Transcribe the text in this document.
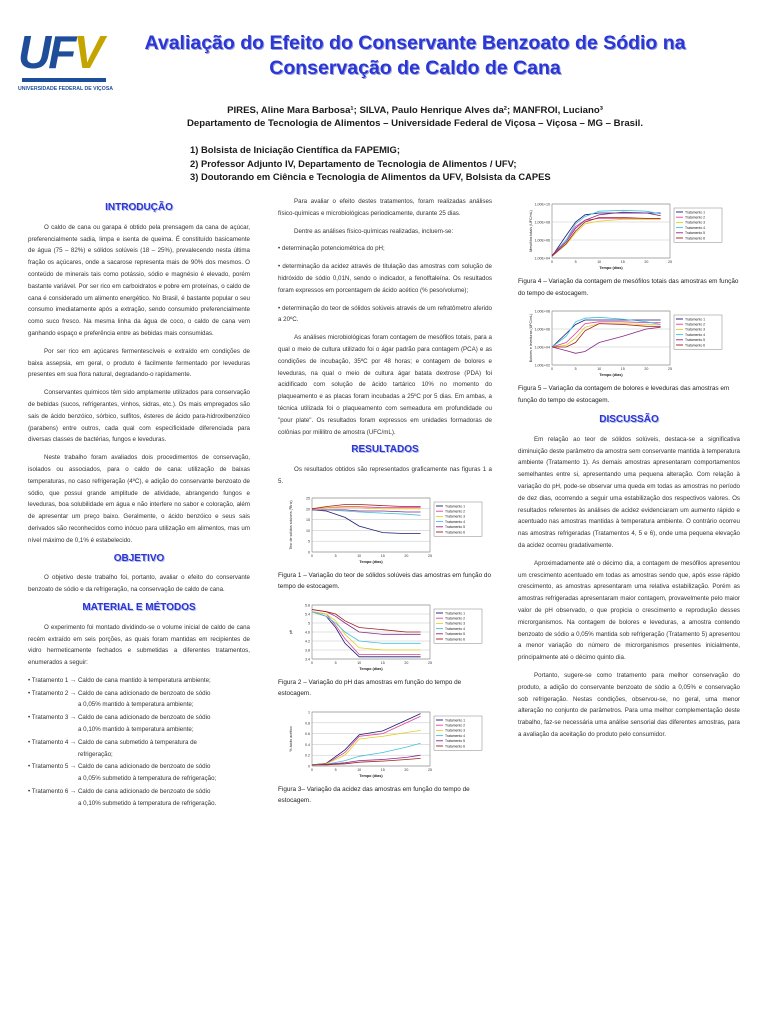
UFV
UNIVERSIDADE FEDERAL DE VIÇOSA
Avaliação do Efeito do Conservante Benzoato de Sódio na
Conservação de Caldo de Cana
PIRES, Aline Mara Barbosa¹; SILVA, Paulo Henrique Alves da²; MANFROI, Luciano³
Departamento de Tecnologia de Alimentos – Universidade Federal de Viçosa – Viçosa – MG – Brasil.
1) Bolsista de Iniciação Científica da FAPEMIG;
2) Professor Adjunto IV, Departamento de Tecnologia de Alimentos / UFV;
3) Doutorando em Ciência e Tecnologia de Alimentos da UFV, Bolsista da CAPES
INTRODUÇÃO

O caldo de cana ou garapa é obtido pela prensagem da cana de açúcar, preferencialmente sadia, limpa e isenta de queima. É constituído basicamente de água (75 – 82%) e sólidos solúveis (18 – 25%), prevalecendo nesta última fração os açúcares, onde a sacarose representa mais de 90% dos mesmos. O conteúdo de minerais tais como potássio, sódio e magnésio é elevado, porém bastante variável. Por ser rico em carboidratos e pobre em proteínas, o caldo de cana é considerado um alimento energético. No Brasil, é bastante popular o seu consumo imediatamente após a extração, sendo consumido preferencialmente como suco fresco. Na mesma linha da água de coco, o caldo de cana vem ganhando espaço e preferência entre as bebidas mais consumidas.

Por ser rico em açúcares fermentescíveis e extraído em condições de baixa assepsia, em geral, o produto é facilmente fermentado por leveduras presentes em sua flora natural, degradando-o rapidamente.

Conservantes químicos têm sido amplamente utilizados para conservação de bebidas (sucos, refrigerantes, vinhos, sidras, etc.). Os mais empregados são sais de ácido benzóico, sórbico, sulfitos, ésteres de ácido para-hidroxibenzóico (parabens) entre outros, cada qual com especificidade diferenciada para diversas classes de bactérias, fungos e leveduras.

Neste trabalho foram avaliados dois procedimentos de conservação, isolados ou associados, para o caldo de cana: utilização de baixas temperaturas, no caso refrigeração (4ºC), e adição do conservante benzoato de sódio, que possui grande amplitude de atividade, abrangendo fungos e leveduras, boa solubilidade em água e não interfere no sabor e coloração, além de apresentar um preço baixo. Geralmente, o ácido benzóico e seus sais derivados são reconhecidos como inócuo para utilização em alimentos, mas um nível máximo de 0,1% é estabelecido.

OBJETIVO

O objetivo deste trabalho foi, portanto, avaliar o efeito do conservante benzoato de sódio e da refrigeração, na conservação de caldo de cana.

MATERIAL E MÉTODOS

O experimento foi montado dividindo-se o volume inicial de caldo de cana recém extraído em seis porções, as quais foram mantidas em recipientes de vidro hermeticamente fechados e submetidas a diferentes tratamentos, enumerados a seguir:

• Tratamento 1 → Caldo de cana mantido à temperatura ambiente;
• Tratamento 2 → Caldo de cana adicionado de benzoato de sódio
a 0,05% mantido à temperatura ambiente;
• Tratamento 3 → Caldo de cana adicionado de benzoato de sódio
a 0,10% mantido à temperatura ambiente;
• Tratamento 4 → Caldo de cana submetido à temperatura de
refrigeração;
• Tratamento 5 → Caldo de cana adicionado de benzoato de sódio
a 0,05% submetido à temperatura de refrigeração;
• Tratamento 6 → Caldo de cana adicionado de benzoato de sódio
a 0,10% submetido à temperatura de refrigeração.

Para avaliar o efeito destes tratamentos, foram realizadas análises físico-químicas e microbiológicas periodicamente, durante 25 dias.

Dentre as análises físico-químicas realizadas, incluem-se:

• determinação potenciométrica do pH;

• determinação da acidez através de titulação das amostras com solução de hidróxido de sódio 0,01N, sendo o indicador, a fenolftaleína. Os resultados foram expressos em porcentagem de ácido acético (% peso/volume);

• determinação do teor de sólidos solúveis através de um refratômetro aferido a 20ºC.

As análises microbiológicas foram contagem de mesófilos totais, para a qual o meio de cultura utilizado foi o ágar padrão para contagem (PCA) e as condições de incubação, 35ºC por 48 horas; e contagem de bolores e leveduras, na qual o meio de cultura ágar batata dextrose (PDA) foi acidificado com solução de ácido tartárico 10% no momento do plaqueamento e as placas foram incubadas a 25ºC por 5 dias. Em ambas, a técnica utilizada foi o plaqueamento com semeadura em profundidade ou "pour plate". Os resultados foram expressos em unidades formadoras de colônias por mililitro de amostra (UFC/mL).

RESULTADOS

Os resultados obtidos são representados graficamente nas figuras 1 a 5.

0
5
10
15
20
25
0	5	10	15	20	25
Tempo (dias)
Teor de sólidos solúveis (ºBrix)	Tratamento 1
Tratamento 2
Tratamento 3
Tratamento 4
Tratamento 5
Tratamento 6
Figura 1 – Variação do teor de sólidos solúveis das amostras em função do tempo de estocagem.
3.4
3.8
4.2
4.6
5
5.4
5.8
0	5	10	15	20	25
Tempo (dias)
pH
Tratamento 1
Tratamento 2
Tratamento 3
Tratamento 4
Tratamento 5
Tratamento 6
Figura 2 – Variação do pH das amostras em função do tempo de estocagem.
0
0.2
0.4
0.6
0.8
1
0	5	10	15	20	25
Tempo (dias)
% ácido acético
Tratamento 1
Tratamento 2
Tratamento 3
Tratamento 4
Tratamento 5
Tratamento 6
Figura 3– Variação da acidez das amostras em função do tempo de estocagem.
1,00E+04
1,00E+06
1,00E+08
1,00E+10
0	5	10	15	20	25
Tempo (dias)
Mesófilos totais (UFC/mL)	Tratamento 1
Tratamento 2
Tratamento 3
Tratamento 4
Tratamento 5
Tratamento 6
Figura 4 – Variação da contagem de mesófilos totais das amostras em função do tempo de estocagem.
1,00E+02
1,00E+04
1,00E+06
1,00E+08
0	5	10	15	20	25
Tempo (dias)
Bolores e leveduras (UFC/mL)	Tratamento 1
Tratamento 2
Tratamento 3
Tratamento 4
Tratamento 5
Tratamento 6
Figura 5 – Variação da contagem de bolores e leveduras das amostras em função do tempo de estocagem.
DISCUSSÃO

Em relação ao teor de sólidos solúveis, destaca-se a significativa diminuição deste parâmetro da amostra sem conservante mantida à temperatura ambiente (Tratamento 1). As demais amostras apresentaram comportamentos semelhantes entre si, apresentando uma pequena alteração. Com relação à variação do pH, pode-se observar uma queda em todas as amostras no período de dez dias, ocorrendo a seguir uma estabilização dos respectivos valores. Os resultados referentes às análises de acidez evidenciaram um aumento rápido e acentuado nas amostras mantidas à temperatura ambiente. O contrário ocorreu nas amostras refrigeradas (Tratamentos 4, 5 e 6), onde uma pequena elevação da acidez ocorreu gradativamente.

Aproximadamente até o décimo dia, a contagem de mesófilos apresentou um crescimento acentuado em todas as amostras sendo que, após esse rápido crescimento, as amostras apresentaram uma relativa estabilização. Porém as amostras refrigeradas apresentaram maior contagem, provavelmente pelo maior valor de pH observado, o que propicia o crescimento e reprodução desses microrganismos. Na contagem de bolores e leveduras, a amostra contendo benzoato de sódio a 0,05% mantida sob refrigeração (Tratamento 5) apresentou a menor variação do número de microrganismos presentes inicialmente, principalmente até o décimo quinto dia.

Portanto, sugere-se como tratamento para melhor conservação do produto, a adição do conservante benzoato de sódio a 0,05% e conservação sob refrigeração. Nestas condições, observou-se, no geral, uma menor alteração no conjunto de parâmetros. Para uma melhor complementação deste trabalho, faz-se necessária uma análise sensorial das diferentes amostras, para a avaliação da aceitação do produto pelo consumidor.
